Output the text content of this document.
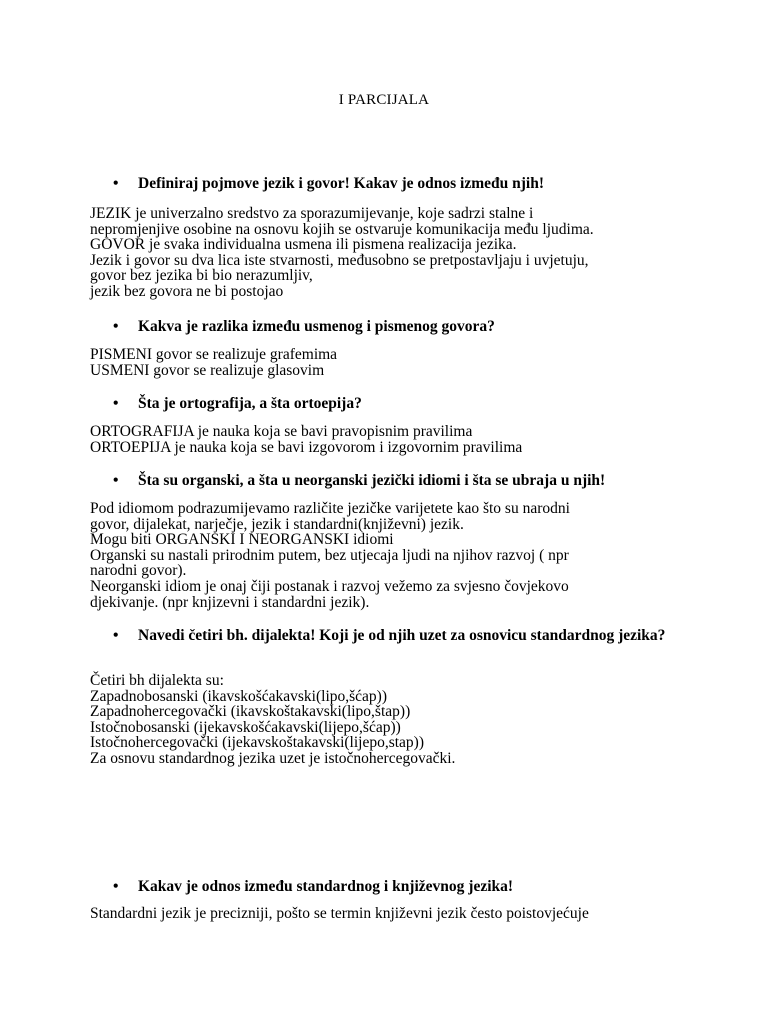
I PARCIJALA
•	Definiraj pojmove jezik i govor! Kakav je odnos između njih!
JEZIK je univerzalno sredstvo za sporazumijevanje, koje sadrzi stalne i
nepromjenjive osobine na osnovu kojih se ostvaruje komunikacija među ljudima.
GOVOR je svaka individualna usmena ili pismena realizacija jezika.
Jezik i govor su dva lica iste stvarnosti, međusobno se pretpostavljaju i uvjetuju,
govor bez jezika bi bio nerazumljiv,
jezik bez govora ne bi postojao
•	Kakva je razlika između usmenog i pismenog govora?
PISMENI govor se realizuje grafemima
USMENI govor se realizuje glasovim
•	Šta je ortografija, a šta ortoepija?
ORTOGRAFIJA je nauka koja se bavi pravopisnim pravilima
ORTOEPIJA je nauka koja se bavi izgovorom i izgovornim pravilima
•	Šta su organski, a šta u neorganski jezički idiomi i šta se ubraja u njih!
Pod idiomom podrazumijevamo različite jezičke varijetete kao što su narodni
govor, dijalekat, narječje, jezik i standardni(književni) jezik.
Mogu biti ORGANSKI I NEORGANSKI idiomi
Organski su nastali prirodnim putem, bez utjecaja ljudi na njihov razvoj ( npr
narodni govor).
Neorganski idiom je onaj čiji postanak i razvoj vežemo za svjesno čovjekovo
djekivanje. (npr knjizevni i standardni jezik).
•	Navedi četiri bh. dijalekta! Koji je od njih uzet za osnovicu standardnog jezika?
Četiri bh dijalekta su:
Zapadnobosanski (ikavskošćakavski(lipo,šćap))
Zapadnohercegovački (ikavskoštakavski(lipo,štap))
Istočnobosanski (ijekavskošćakavski(lijepo,šćap))
Istočnohercegovački (ijekavskoštakavski(lijepo,stap))
Za osnovu standardnog jezika uzet je istočnohercegovački.
•	Kakav je odnos između standardnog i književnog jezika!
Standardni jezik je precizniji, pošto se termin književni jezik često poistovjećuje
